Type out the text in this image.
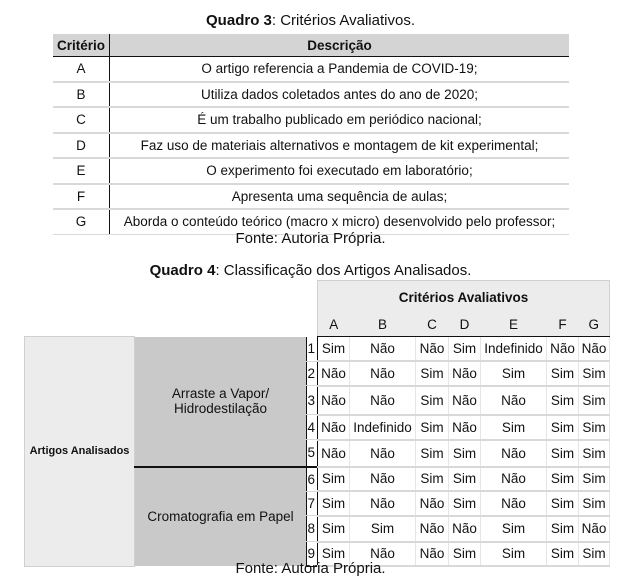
Quadro 3: Critérios Avaliativos.
Critério	Descrição
A	O artigo referencia a Pandemia de COVID-19;
B	Utiliza dados coletados antes do ano de 2020;
C	É um trabalho publicado em periódico nacional;
D	Faz uso de materiais alternativos e montagem de kit experimental;
E	O experimento foi executado em laboratório;
F	Apresenta uma sequência de aulas;
G	Aborda o conteúdo teórico (macro x micro) desenvolvido pelo professor;
Fonte: Autoria Própria.
Quadro 4: Classificação dos Artigos Analisados.
			Critérios Avaliativos						
			A	B	C	D	E	F	G
Artigos Analisados	Arraste a Vapor/ Hidrodestilação	1	Sim	Não	Não	Sim	Indefinido	Não	Não
		2	Não	Não	Sim	Não	Sim	Sim	Sim
		3	Não	Não	Sim	Não	Não	Sim	Sim
		4	Não	Indefinido	Sim	Não	Sim	Sim	Sim
		5	Não	Não	Sim	Sim	Não	Sim	Sim
	Cromatografia em Papel	6	Sim	Não	Sim	Sim	Não	Sim	Sim
		7	Sim	Não	Não	Sim	Não	Sim	Sim
		8	Sim	Sim	Não	Não	Sim	Sim	Não
		9	Sim	Não	Não	Sim	Sim	Sim	Sim
Fonte: Autoria Própria.
